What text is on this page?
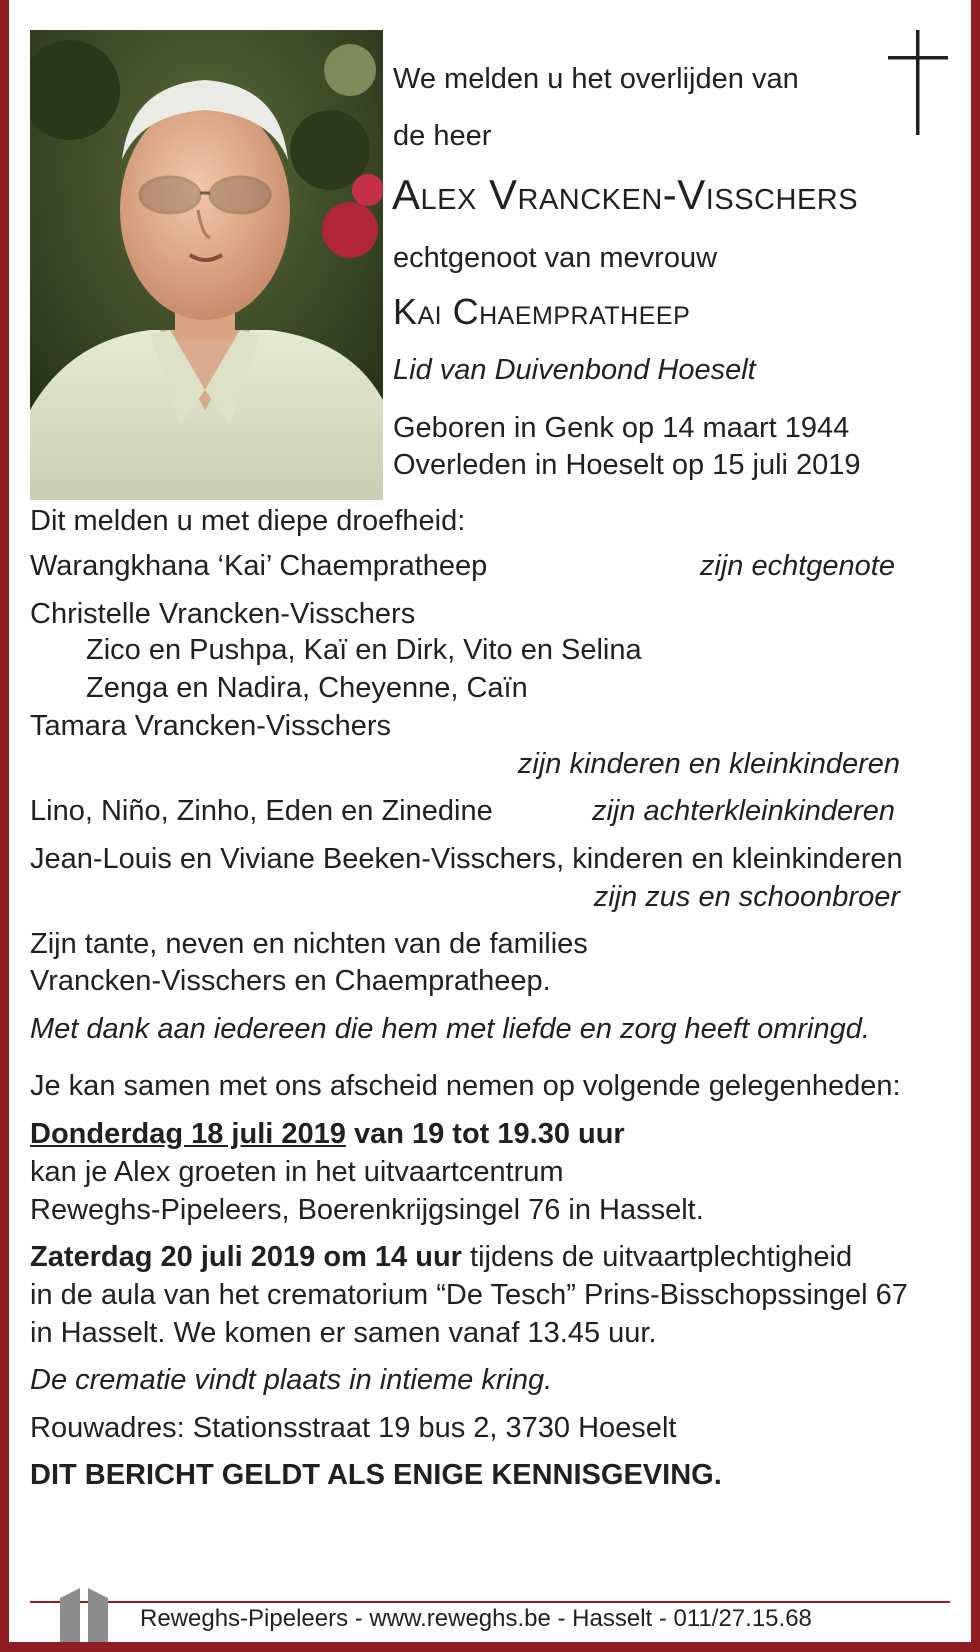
We melden u het overlijden van
de heer
Alex Vrancken-Visschers
echtgenoot van mevrouw
Kai Chaempratheep
Lid van Duivenbond Hoeselt
Geboren in Genk op 14 maart 1944
Overleden in Hoeselt op 15 juli 2019
Dit melden u met diepe droefheid:
Warangkhana ‘Kai’ Chaempratheep	zijn echtgenote
Christelle Vrancken-Visschers
Zico en Pushpa, Kaï en Dirk, Vito en Selina
Zenga en Nadira, Cheyenne, Caïn
Tamara Vrancken-Visschers
zijn kinderen en kleinkinderen
Lino, Niño, Zinho, Eden en Zinedine	zijn achterkleinkinderen
Jean-Louis en Viviane Beeken-Visschers, kinderen en kleinkinderen
zijn zus en schoonbroer
Zijn tante, neven en nichten van de families
Vrancken-Visschers en Chaempratheep.
Met dank aan iedereen die hem met liefde en zorg heeft omringd.
Je kan samen met ons afscheid nemen op volgende gelegenheden:
Donderdag 18 juli 2019 van 19 tot 19.30 uur
kan je Alex groeten in het uitvaartcentrum
Reweghs-Pipeleers, Boerenkrijgsingel 76 in Hasselt.
Zaterdag 20 juli 2019 om 14 uur tijdens de uitvaartplechtigheid
in de aula van het crematorium “De Tesch” Prins-Bisschopssingel 67
in Hasselt. We komen er samen vanaf 13.45 uur.
De crematie vindt plaats in intieme kring.
Rouwadres: Stationsstraat 19 bus 2, 3730 Hoeselt
DIT BERICHT GELDT ALS ENIGE KENNISGEVING.
Reweghs-Pipeleers - www.reweghs.be - Hasselt - 011/27.15.68
